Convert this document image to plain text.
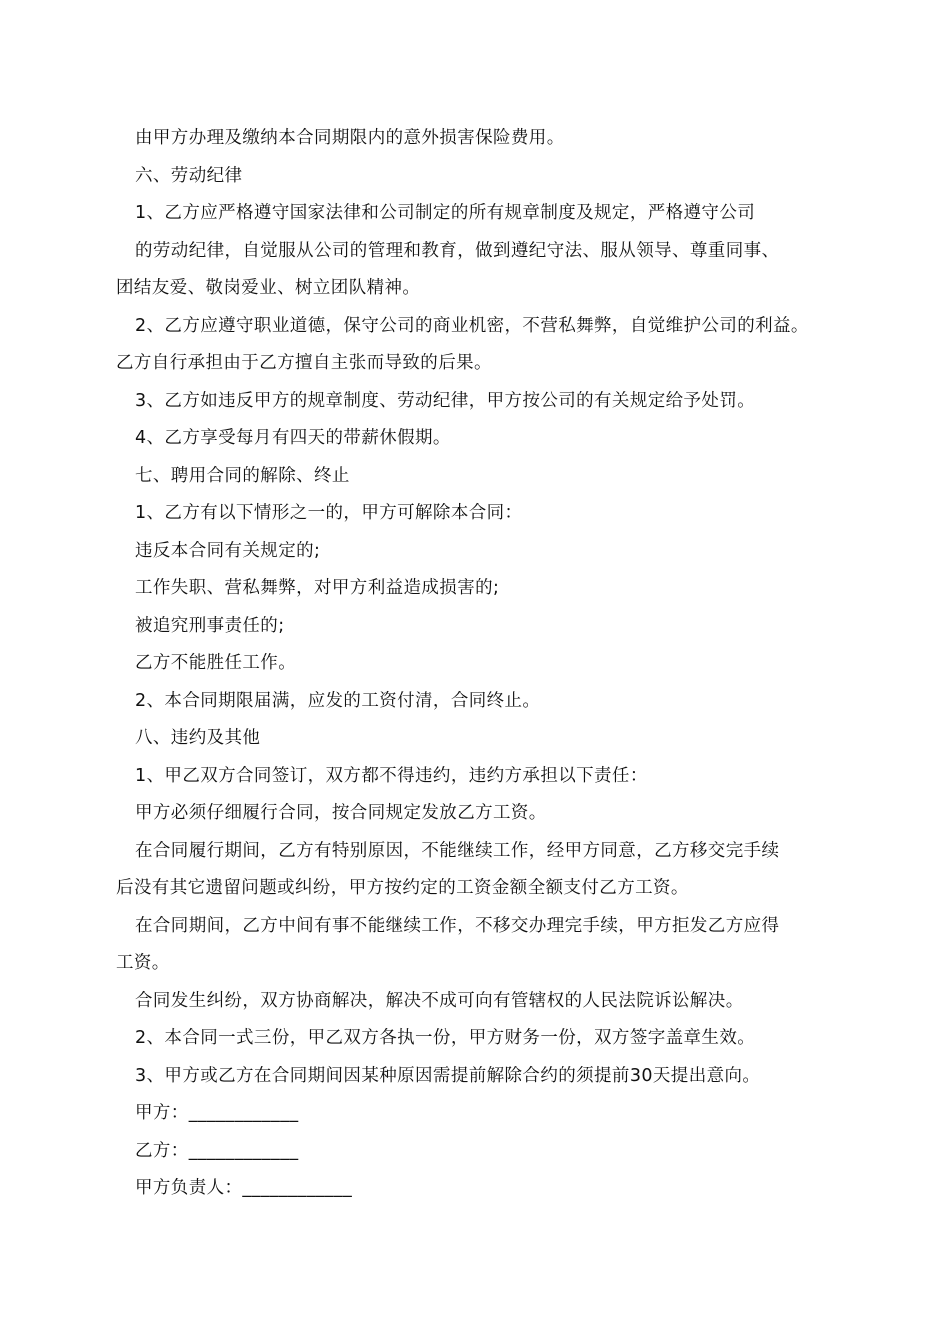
由甲方办理及缴纳本合同期限内的意外损害保险费用。
六、劳动纪律
1、乙方应严格遵守国家法律和公司制定的所有规章制度及规定，严格遵守公司
的劳动纪律，自觉服从公司的管理和教育，做到遵纪守法、服从领导、尊重同事、
团结友爱、敬岗爱业、树立团队精神。
2、乙方应遵守职业道德，保守公司的商业机密，不营私舞弊，自觉维护公司的利益。
乙方自行承担由于乙方擅自主张而导致的后果。
3、乙方如违反甲方的规章制度、劳动纪律，甲方按公司的有关规定给予处罚。
4、乙方享受每月有四天的带薪休假期。
七、聘用合同的解除、终止
1、乙方有以下情形之一的，甲方可解除本合同：
违反本合同有关规定的;
工作失职、营私舞弊，对甲方利益造成损害的;
被追究刑事责任的;
乙方不能胜任工作。
2、本合同期限届满，应发的工资付清，合同终止。
八、违约及其他
1、甲乙双方合同签订，双方都不得违约，违约方承担以下责任：
甲方必须仔细履行合同，按合同规定发放乙方工资。
在合同履行期间，乙方有特别原因，不能继续工作，经甲方同意，乙方移交完手续
后没有其它遗留问题或纠纷，甲方按约定的工资金额全额支付乙方工资。
在合同期间，乙方中间有事不能继续工作，不移交办理完手续，甲方拒发乙方应得
工资。
合同发生纠纷，双方协商解决，解决不成可向有管辖权的人民法院诉讼解决。
2、本合同一式三份，甲乙双方各执一份，甲方财务一份，双方签字盖章生效。
3、甲方或乙方在合同期间因某种原因需提前解除合约的须提前30天提出意向。
甲方：____________
乙方：____________
甲方负责人：____________
